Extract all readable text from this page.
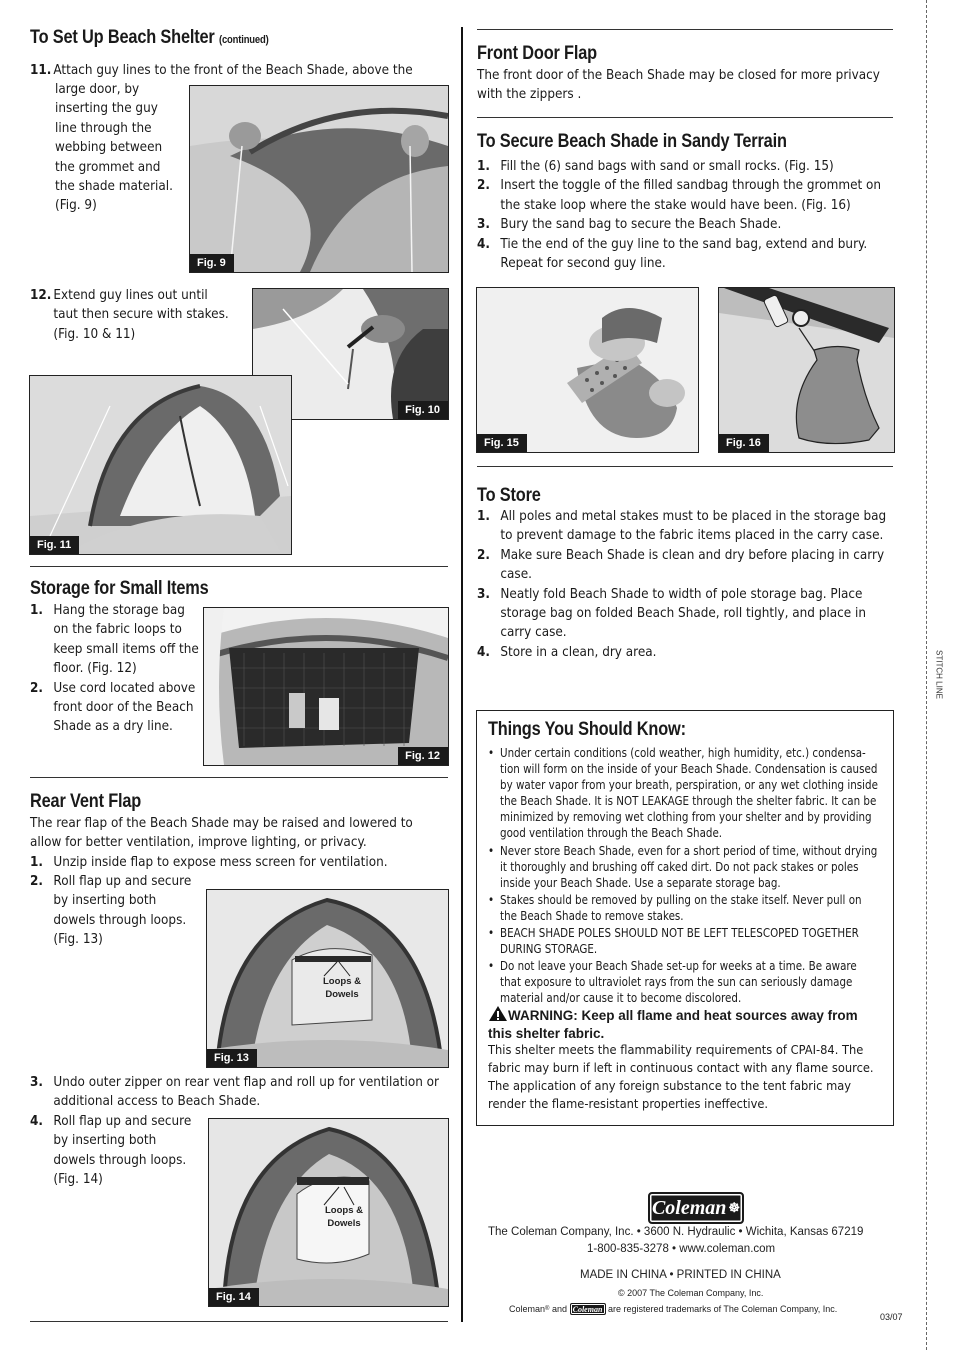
To Set Up Beach Shelter (continued)
11. Attach guy lines to the front of the Beach Shade, above the

large door, by inserting the guy line through the webbing between the grommet and the shade material. (Fig. 9)

Fig. 9
12. Extend guy lines out until taut then secure with stakes. (Fig. 10 & 11)
Fig. 10
Fig. 11
Storage for Small Items
1. Hang the storage bag on the fabric loops to keep small items off the floor. (Fig. 12)
2. Use cord located above front door of the Beach Shade as a dry line.
Fig. 12
Rear Vent Flap

The rear flap of the Beach Shade may be raised and lowered to allow for better ventilation, improve lighting, or privacy.

1. Unzip inside flap to expose mess screen for ventilation.
2. Roll flap up and secure by inserting both dowels through loops. (Fig. 13)
Loops &
Dowels
Fig. 13
3. Undo outer zipper on rear vent flap and roll up for ventilation or additional access to Beach Shade.
4. Roll flap up and secure by inserting both dowels through loops. (Fig. 14)
Loops &
Dowels
Fig. 14
Front Door Flap

The front door of the Beach Shade may be closed for more privacy with the zippers .

To Secure Beach Shade in Sandy Terrain
1. Fill the (6) sand bags with sand or small rocks. (Fig. 15)
2. Insert the toggle of the filled sandbag through the grommet on the stake loop where the stake would have been. (Fig. 16)
3. Bury the sand bag to secure the Beach Shade.
4. Tie the end of the guy line to the sand bag, extend and bury. Repeat for second guy line.
Fig. 15	Fig. 16
To Store
1. All poles and metal stakes must to be placed in the storage bag to prevent damage to the fabric items placed in the carry case.
2. Make sure Beach Shade is clean and dry before placing in carry case.
3. Neatly fold Beach Shade to width of pole storage bag. Place storage bag on folded Beach Shade, roll tightly, and place in carry case.
4. Store in a clean, dry area.
Things You Should Know:
• Under certain conditions (cold weather, high humidity, etc.) condensa-tion will form on the inside of your Beach Shade. Condensation is caused by water vapor from your breath, perspiration, or any wet clothing inside the Beach Shade. It is NOT LEAKAGE through the shelter fabric. It can be minimized by removing wet clothing from your shelter and by providing good ventilation through the Beach Shade.
• Never store Beach Shade, even for a short period of time, without drying it thoroughly and brushing off caked dirt. Do not pack stakes or poles inside your Beach Shade. Use a separate storage bag.
• Stakes should be removed by pulling on the stake itself. Never pull on the Beach Shade to remove stakes.
• BEACH SHADE POLES SHOULD NOT BE LEFT TELESCOPED TOGETHER DURING STORAGE.
• Do not leave your Beach Shade set-up for weeks at a time. Be aware that exposure to ultraviolet rays from the sun can seriously damage material and/or cause it to become discolored.
WARNING: Keep all flame and heat sources away from this shelter fabric.
This shelter meets the flammability requirements of CPAI-84. The fabric may burn if left in continuous contact with any flame source. The application of any foreign substance to the tent fabric may render the flame-resistant properties ineffective.
Coleman ☸
The Coleman Company, Inc. • 3600 N. Hydraulic • Wichita, Kansas 67219
1-800-835-3278 • www.coleman.com
MADE IN CHINA • PRINTED IN CHINA
© 2007 The Coleman Company, Inc.
Coleman ®
and
Coleman
are registered trademarks of The Coleman Company, Inc.
03/07
STITCH LINE
